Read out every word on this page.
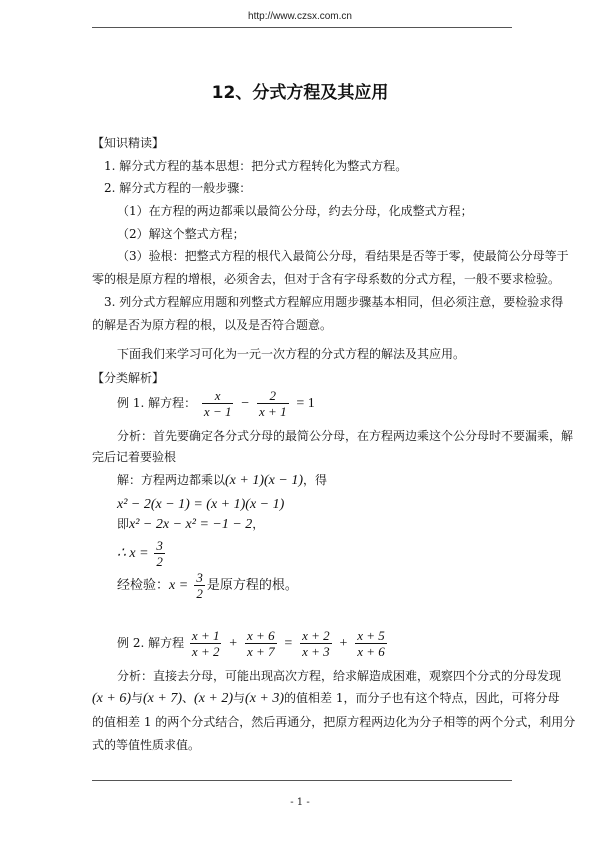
http://www.czsx.com.cn
12、分式方程及其应用
【知识精读】
1. 解分式方程的基本思想：把分式方程转化为整式方程。
2. 解分式方程的一般步骤：
（1）在方程的两边都乘以最简公分母，约去分母，化成整式方程；
（2）解这个整式方程；
（3）验根：把整式方程的根代入最简公分母，看结果是否等于零，使最简公分母等于
零的根是原方程的增根，必须舍去，但对于含有字母系数的分式方程，一般不要求检验。
3. 列分式方程解应用题和列整式方程解应用题步骤基本相同，但必须注意，要检验求得
的解是否为原方程的根，以及是否符合题意。
下面我们来学习可化为一元一次方程的分式方程的解法及其应用。
【分类解析】
例 1. 解方程： $\frac{x}{x - 1} - \frac{2}{x + 1} = 1$
分析：首先要确定各分式分母的最简公分母，在方程两边乘这个公分母时不要漏乘，解
完后记着要验根
解：方程两边都乘以(x + 1)(x − 1)，得
x² − 2(x − 1) = (x + 1)(x − 1)
即x² − 2x − x² = −1 − 2，
∴ $x = \frac{3}{2}$
经检验：$x = \frac{3}{2}$ 是原方程的根。
例 2. 解方程 $\frac{x + 1}{x + 2} + \frac{x + 6}{x + 7} = \frac{x + 2}{x + 3} + \frac{x + 5}{x + 6}$
分析：直接去分母，可能出现高次方程，给求解造成困难，观察四个分式的分母发现
(x + 6)与(x + 7)、(x + 2)与(x + 3)的值相差 1，而分子也有这个特点，因此，可将分母
的值相差 1 的两个分式结合，然后再通分，把原方程两边化为分子相等的两个分式，利用分
式的等值性质求值。
- 1 -
